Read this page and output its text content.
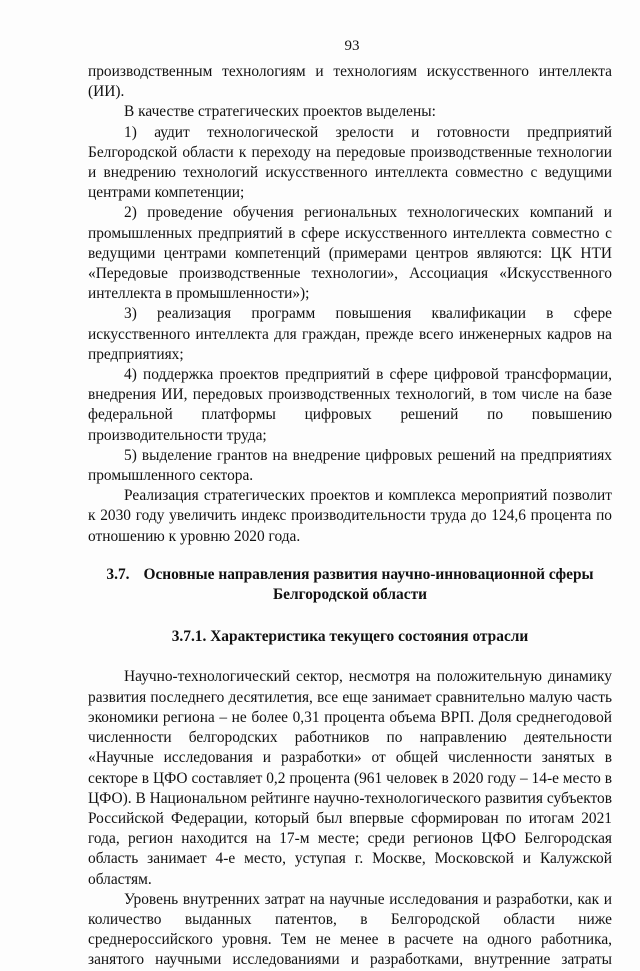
93

производственным технологиям и технологиям искусственного интеллекта (ИИ).

В качестве стратегических проектов выделены:

1) аудит технологической зрелости и готовности предприятий Белгородской области к переходу на передовые производственные технологии и внедрению технологий искусственного интеллекта совместно с ведущими центрами компетенции;

2) проведение обучения региональных технологических компаний и промышленных предприятий в сфере искусственного интеллекта совместно с ведущими центрами компетенций (примерами центров являются: ЦК НТИ «Передовые производственные технологии», Ассоциация «Искусственного интеллекта в промышленности»);

3) реализация программ повышения квалификации в сфере искусственного интеллекта для граждан, прежде всего инженерных кадров на предприятиях;

4) поддержка проектов предприятий в сфере цифровой трансформации, внедрения ИИ, передовых производственных технологий, в том числе на базе федеральной платформы цифровых решений по повышению производительности труда;

5) выделение грантов на внедрение цифровых решений на предприятиях промышленного сектора.

Реализация стратегических проектов и комплекса мероприятий позволит к 2030 году увеличить индекс производительности труда до 124,6 процента по отношению к уровню 2020 года.

3.7. Основные направления развития научно-инновационной сферы
Белгородской области
3.7.1. Характеристика текущего состояния отрасли

Научно-технологический сектор, несмотря на положительную динамику развития последнего десятилетия, все еще занимает сравнительно малую часть экономики региона – не более 0,31 процента объема ВРП. Доля среднегодовой численности белгородских работников по направлению деятельности «Научные исследования и разработки» от общей численности занятых в секторе в ЦФО составляет 0,2 процента (961 человек в 2020 году – 14-е место в ЦФО). В Национальном рейтинге научно-технологического развития субъектов Российской Федерации, который был впервые сформирован по итогам 2021 года, регион находится на 17-м месте; среди регионов ЦФО Белгородская область занимает 4-е место, уступая г. Москве, Московской и Калужской областям.

Уровень внутренних затрат на научные исследования и разработки, как и количество выданных патентов, в Белгородской области ниже среднероссийского уровня. Тем не менее в расчете на одного работника, занятого научными исследованиями и разработками, внутренние затраты
